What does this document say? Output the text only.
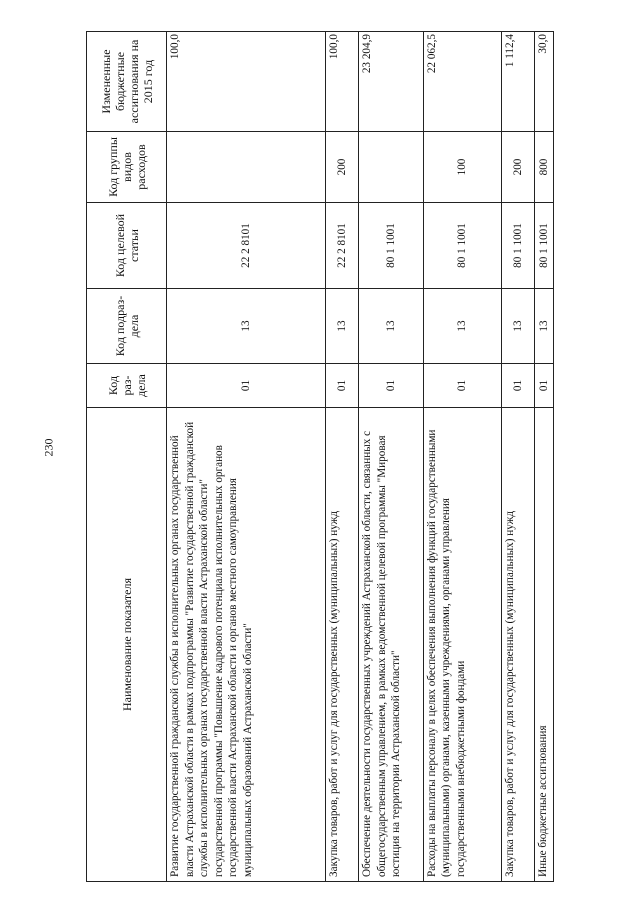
230
Наименование показателя	Код раз-дела	Код подраз-дела	Код целевой статьи	Код группы видов расходов	Измененные бюджетные ассигнования на 2015 год
Развитие государственной гражданской службы в исполнительных органах государственной власти Астраханской области в рамках подпрограммы "Развитие государственной гражданской службы в исполнительных органах государственной власти Астраханской области" государственной программы "Повышение кадрового потенциала исполнительных органов государственной власти Астраханской области и органов местного самоуправления муниципальных образований Астраханской области"	01	13	22 2 8101		100,0
Закупка товаров, работ и услуг для государственных (муниципальных) нужд	01	13	22 2 8101	200	100,0
Обеспечение деятельности государственных учреждений Астраханской области, связанных с общегосударственным управлением, в рамках ведомственной целевой программы "Мировая юстиция на территории Астраханской области"	01	13	80 1 1001		23 204,9
Расходы на выплаты персоналу в целях обеспечения выполнения функций государственными (муниципальными) органами, казенными учреждениями, органами управления государственными внебюджетными фондами	01	13	80 1 1001	100	22 062,5
Закупка товаров, работ и услуг для государственных (муниципальных) нужд	01	13	80 1 1001	200	1 112,4
Иные бюджетные ассигнования	01	13	80 1 1001	800	30,0
